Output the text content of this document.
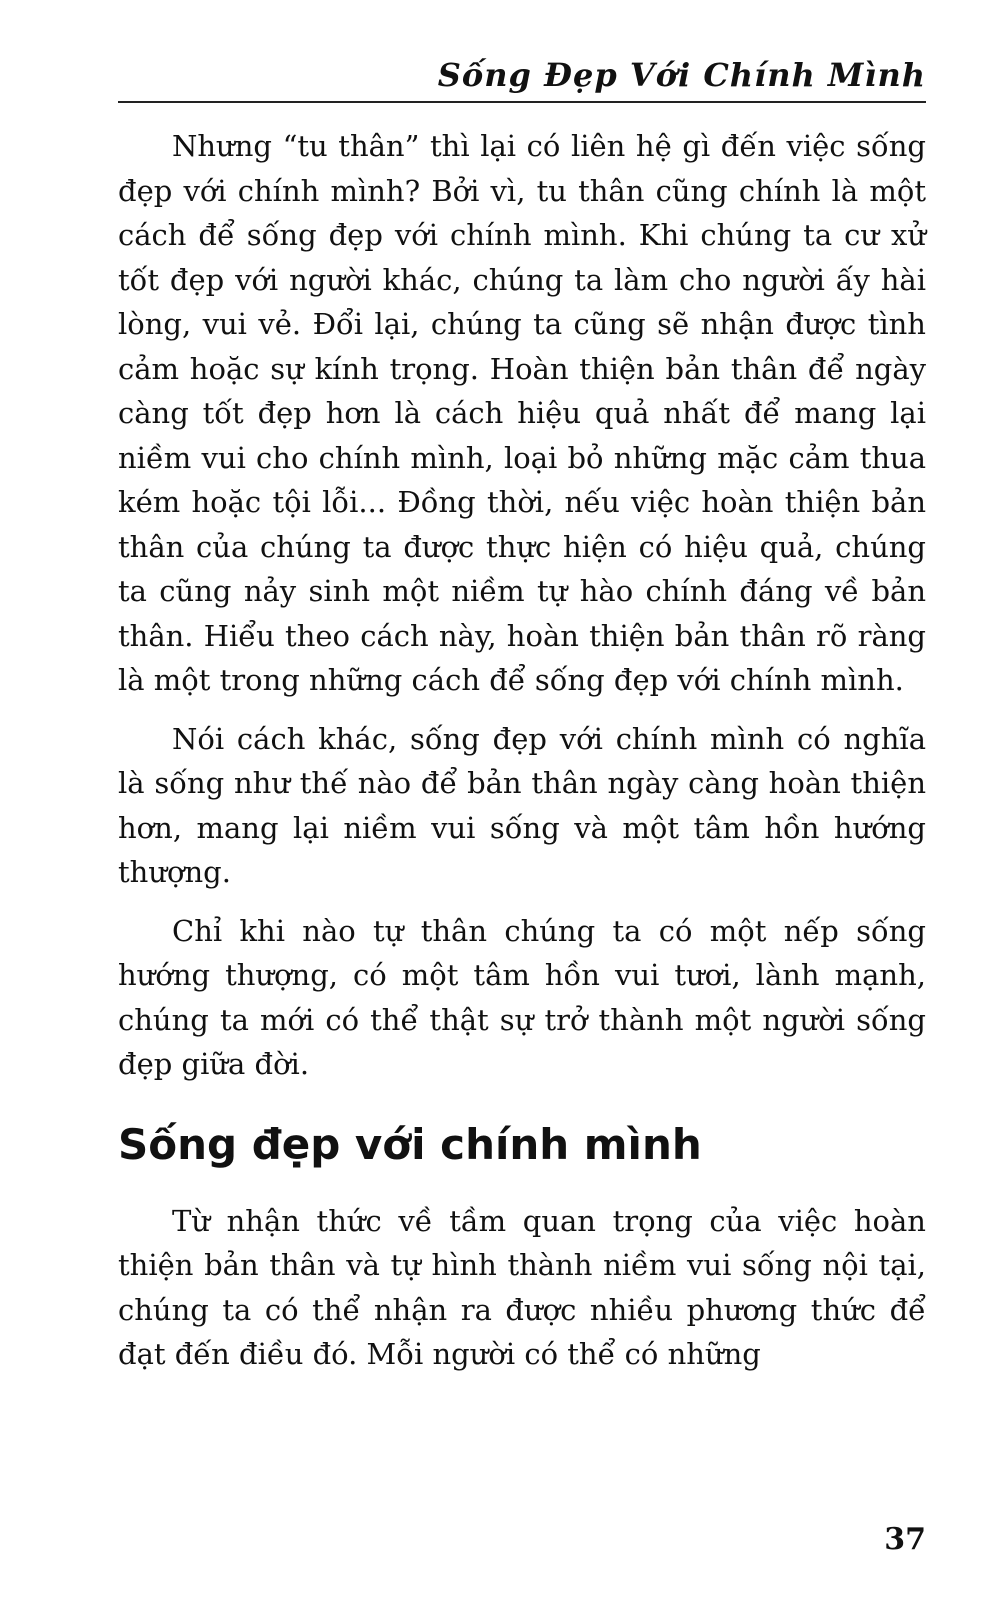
Sống Đẹp Với Chính Mình

Nhưng “tu thân” thì lại có liên hệ gì đến việc sống đẹp với chính mình? Bởi vì, tu thân cũng chính là một cách để sống đẹp với chính mình. Khi chúng ta cư xử tốt đẹp với người khác, chúng ta làm cho người ấy hài lòng, vui vẻ. Đổi lại, chúng ta cũng sẽ nhận được tình cảm hoặc sự kính trọng. Hoàn thiện bản thân để ngày càng tốt đẹp hơn là cách hiệu quả nhất để mang lại niềm vui cho chính mình, loại bỏ những mặc cảm thua kém hoặc tội lỗi... Đồng thời, nếu việc hoàn thiện bản thân của chúng ta được thực hiện có hiệu quả, chúng ta cũng nảy sinh một niềm tự hào chính đáng về bản thân. Hiểu theo cách này, hoàn thiện bản thân rõ ràng là một trong những cách để sống đẹp với chính mình.

Nói cách khác, sống đẹp với chính mình có nghĩa là sống như thế nào để bản thân ngày càng hoàn thiện hơn, mang lại niềm vui sống và một tâm hồn hướng thượng.

Chỉ khi nào tự thân chúng ta có một nếp sống hướng thượng, có một tâm hồn vui tươi, lành mạnh, chúng ta mới có thể thật sự trở thành một người sống đẹp giữa đời.

Sống đẹp với chính mình

Từ nhận thức về tầm quan trọng của việc hoàn thiện bản thân và tự hình thành niềm vui sống nội tại, chúng ta có thể nhận ra được nhiều phương thức để đạt đến điều đó. Mỗi người có thể có những

37
